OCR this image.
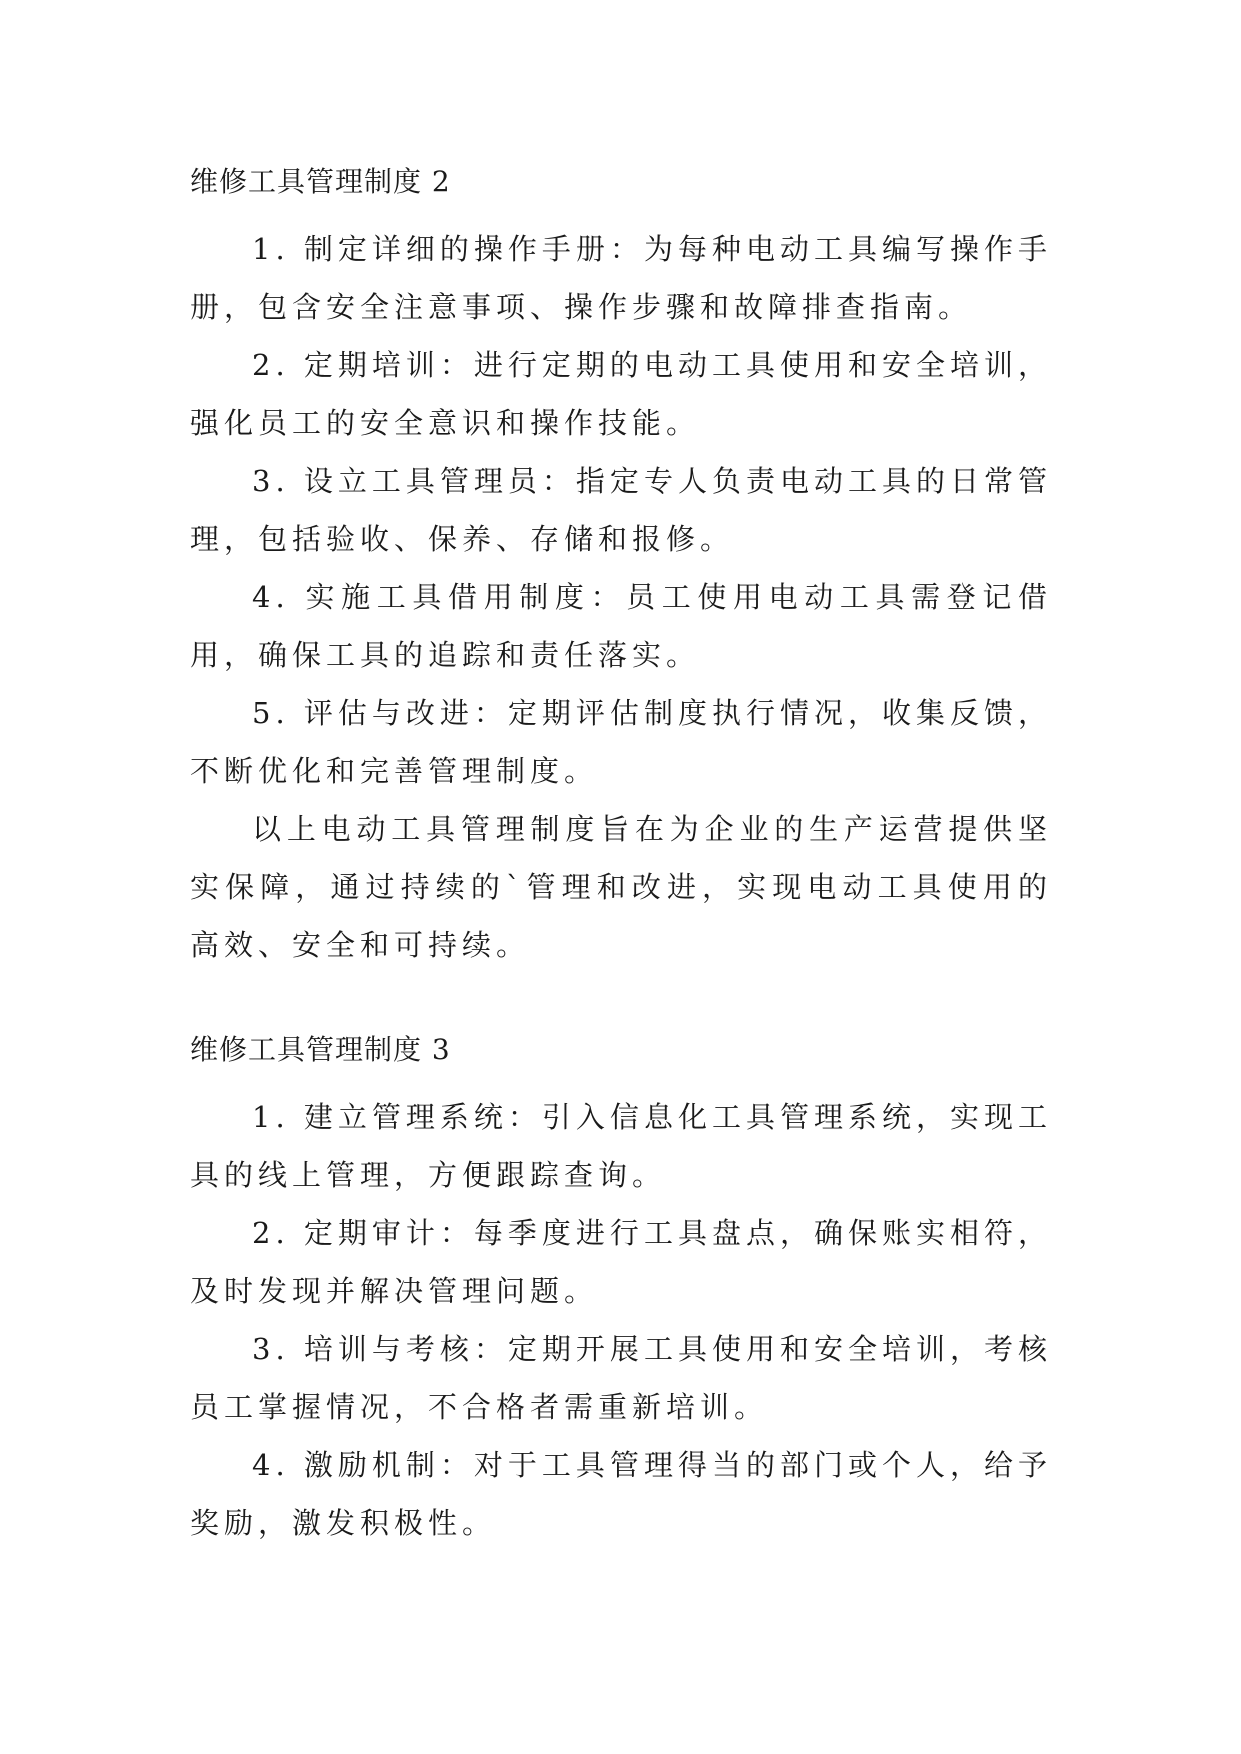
维修工具管理制度 2

1. 制定详细的操作手册：为每种电动工具编写操作手册，包含安全注意事项、操作步骤和故障排查指南。

2. 定期培训：进行定期的电动工具使用和安全培训，强化员工的安全意识和操作技能。

3. 设立工具管理员：指定专人负责电动工具的日常管理，包括验收、保养、存储和报修。

4. 实施工具借用制度：员工使用电动工具需登记借用，确保工具的追踪和责任落实。

5. 评估与改进：定期评估制度执行情况，收集反馈，不断优化和完善管理制度。

以上电动工具管理制度旨在为企业的生产运营提供坚实保障，通过持续的`管理和改进，实现电动工具使用的高效、安全和可持续。

维修工具管理制度 3

1. 建立管理系统：引入信息化工具管理系统，实现工具的线上管理，方便跟踪查询。

2. 定期审计：每季度进行工具盘点，确保账实相符，及时发现并解决管理问题。

3. 培训与考核：定期开展工具使用和安全培训，考核员工掌握情况，不合格者需重新培训。

4. 激励机制：对于工具管理得当的部门或个人，给予奖励，激发积极性。
